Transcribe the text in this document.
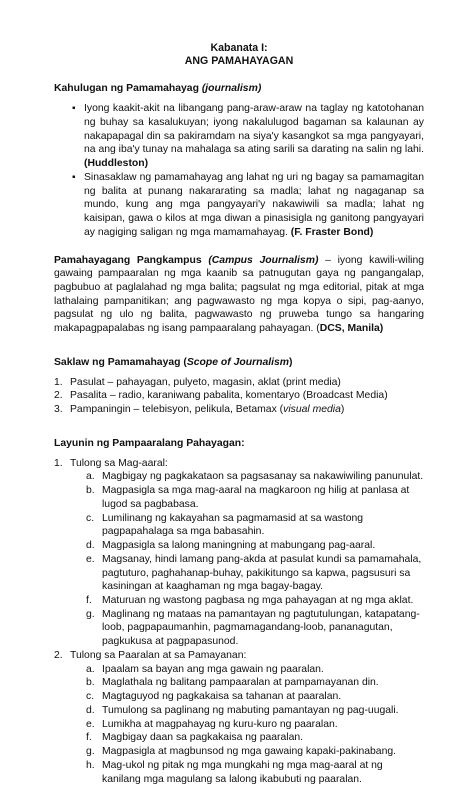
Kabanata I:
ANG PAMAHAYAGAN

Kahulugan ng Pamamahayag (journalism)

▪ Iyong kaakit-akit na libangang pang-araw-araw na taglay ng katotohanan ng buhay sa kasalukuyan; iyong nakalulugod bagaman sa kalaunan ay nakapapagal din sa pakiramdam na siya'y kasangkot sa mga pangyayari, na ang iba'y tunay na mahalaga sa ating sarili sa darating na salin ng lahi. (Huddleston)
▪ Sinasaklaw ng pamamahayag ang lahat ng uri ng bagay sa pamamagitan ng balita at punang nakararating sa madla; lahat ng nagaganap sa mundo, kung ang mga pangyayari'y nakawiwili sa madla; lahat ng kaisipan, gawa o kilos at mga diwan a pinasisigla ng ganitong pangyayari ay nagiging saligan ng mga mamamahayag. (F. Fraster Bond)

Pamahayagang Pangkampus (Campus Journalism) – iyong kawili-wiling gawaing pampaaralan ng mga kaanib sa patnugutan gaya ng pangangalap, pagbubuo at paglalahad ng mga balita; pagsulat ng mga editorial, pitak at mga lathalaing pampanitikan; ang pagwawasto ng mga kopya o sipi, pag-aanyo, pagsulat ng ulo ng balita, pagwawasto ng pruweba tungo sa hangaring makapagpapalabas ng isang pampaaralang pahayagan. (DCS, Manila)

Saklaw ng Pamamahayag (Scope of Journalism)

1. Pasulat – pahayagan, pulyeto, magasin, aklat (print media)
2. Pasalita – radio, karaniwang pabalita, komentaryo (Broadcast Media)
3. Pampaningin – telebisyon, pelikula, Betamax (visual media)

Layunin ng Pampaaralang Pahayagan:

1. Tulong sa Mag-aaral:
a. Magbigay ng pagkakataon sa pagsasanay sa nakawiwiling panunulat.
b. Magpasigla sa mga mag-aaral na magkaroon ng hilig at panlasa at lugod sa pagbabasa.
c. Lumilinang ng kakayahan sa pagmamasid at sa wastong pagpapahalaga sa mga babasahin.
d. Magpasigla sa lalong maningning at mabungang pag-aaral.
e. Magsanay, hindi lamang pang-akda at pasulat kundi sa pamamahala, pagtuturo, paghahanap-buhay, pakikitungo sa kapwa, pagsusuri sa kasiningan at kaaghaman ng mga bagay-bagay.
f. Maturuan ng wastong pagbasa ng mga pahayagan at ng mga aklat.
g. Maglinang ng mataas na pamantayan ng pagtutulungan, katapatang-loob, pagpapaumanhin, pagmamagandang-loob, pananagutan, pagkukusa at pagpapasunod.
2. Tulong sa Paaralan at sa Pamayanan:
a. Ipaalam sa bayan ang mga gawain ng paaralan.
b. Maglathala ng balitang pampaaralan at pampamayanan din.
c. Magtaguyod ng pagkakaisa sa tahanan at paaralan.
d. Tumulong sa paglinang ng mabuting pamantayan ng pag-uugali.
e. Lumikha at magpahayag ng kuru-kuro ng paaralan.
f. Magbigay daan sa pagkakaisa ng paaralan.
g. Magpasigla at magbunsod ng mga gawaing kapaki-pakinabang.
h. Mag-ukol ng pitak ng mga mungkahi ng mga mag-aaral at ng kanilang mga magulang sa lalong ikabubuti ng paaralan.
